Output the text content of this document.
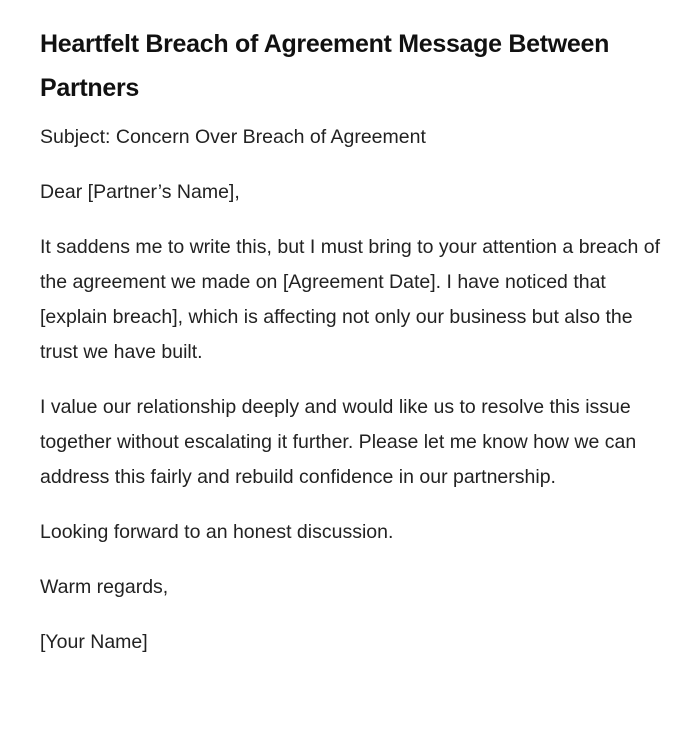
Heartfelt Breach of Agreement Message Between Partners

Subject: Concern Over Breach of Agreement

Dear [Partner’s Name],

It saddens me to write this, but I must bring to your attention a breach of the agreement we made on [Agreement Date]. I have noticed that [explain breach], which is affecting not only our business but also the trust we have built.

I value our relationship deeply and would like us to resolve this issue together without escalating it further. Please let me know how we can address this fairly and rebuild confidence in our partnership.

Looking forward to an honest discussion.

Warm regards,

[Your Name]
